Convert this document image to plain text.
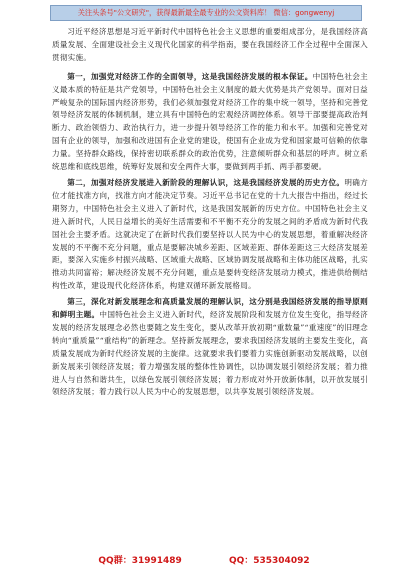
关注头条号"公文研究"，获得最新最全最专业的公文资料库！ 微信：gongwenyj

习近平经济思想是习近平新时代中国特色社会主义思想的重要组成部分，是我国经济高质量发展、全面建设社会主义现代化国家的科学指南，要在我国经济工作全过程中全面深入贯彻实施。

第一，加强党对经济工作的全面领导，这是我国经济发展的根本保证。中国特色社会主义最本质的特征是共产党领导，中国特色社会主义制度的最大优势是共产党领导。面对日益严峻复杂的国际国内经济形势，我们必须加强党对经济工作的集中统一领导，坚持和完善党领导经济发展的体制机制，建立具有中国特色的宏观经济调控体系。领导干部要提高政治判断力、政治领悟力、政治执行力，进一步提升领导经济工作的能力和水平。加强和完善党对国有企业的领导，加强和改进国有企业党的建设，使国有企业成为党和国家最可信赖的依靠力量。坚持群众路线，保持密切联系群众的政治优势，注意倾听群众和基层的呼声。树立系统思维和底线思维，统筹好发展和安全两件大事，要做到两手抓、两手都要硬。

第二，加强对经济发展进入新阶段的理解认识，这是我国经济发展的历史方位。明确方位才能找准方向，找准方向才能决定节奏。习近平总书记在党的十九大报告中指出，经过长期努力，中国特色社会主义进入了新时代，这是我国发展新的历史方位。中国特色社会主义进入新时代，人民日益增长的美好生活需要和不平衡不充分的发展之间的矛盾成为新时代我国社会主要矛盾。这就决定了在新时代我们要坚持以人民为中心的发展思想，着重解决经济发展的不平衡不充分问题，重点是要解决城乡差距、区域差距、群体差距这三大经济发展差距，要深入实施乡村振兴战略、区域重大战略、区域协调发展战略和主体功能区战略，扎实推动共同富裕；解决经济发展不充分问题，重点是要转变经济发展动力模式，推进供给侧结构性改革，建设现代化经济体系，构建双循环新发展格局。

第三，深化对新发展理念和高质量发展的理解认识，这分别是我国经济发展的指导原则和鲜明主题。中国特色社会主义进入新时代，经济发展阶段和发展方位发生变化，指导经济发展的经济发展理念必然也要随之发生变化，要从改革开放初期“重数量”“重速度”的旧理念转向“重质量”“重结构”的新理念。坚持新发展理念，要求我国经济发展的主要发生变化，高质量发展成为新时代经济发展的主旋律。这就要求我们要着力实施创新驱动发展战略，以创新发展来引领经济发展；着力增强发展的整体性协调性，以协调发展引领经济发展；着力推进人与自然和谐共生，以绿色发展引领经济发展；着力形成对外开放新体制，以开放发展引领经济发展；着力践行以人民为中心的发展思想，以共享发展引领经济发展。

QQ群：31991489	QQ：535304092
